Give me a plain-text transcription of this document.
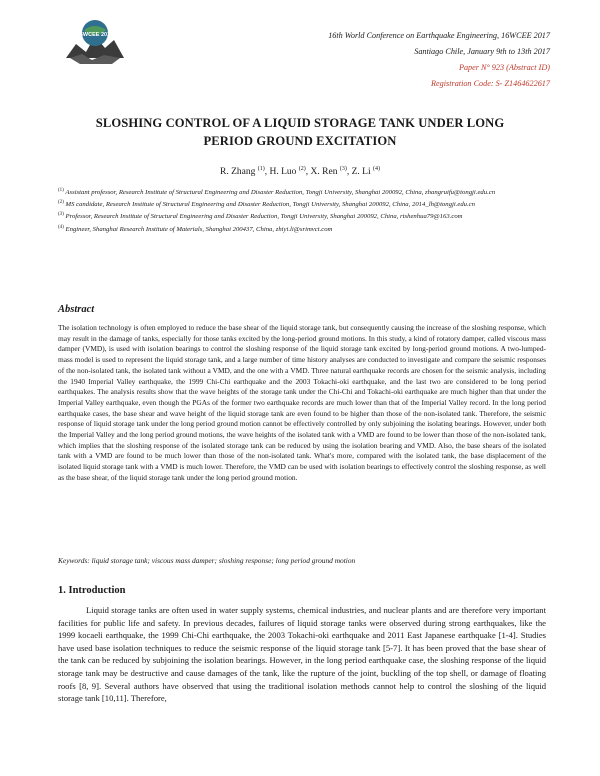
16WCEE 2017	16th World Conference on Earthquake Engineering, 16WCEE 2017
Santiago Chile, January 9th to 13th 2017
Paper N° 923 (Abstract ID)
Registration Code: S- Z1464622617
SLOSHING CONTROL OF A LIQUID STORAGE TANK UNDER LONG
PERIOD GROUND EXCITATION
R. Zhang $^{(1)}$, H. Luo $^{(2)}$, X. Ren $^{(3)}$, Z. Li $^{(4)}$

$^{(1)}$ Assistant professor, Research Institute of Structural Engineering and Disaster Reduction, Tongji University, Shanghai 200092, China, zhangruifu@tongji.edu.cn

$^{(2)}$ MS candidate, Research Institute of Structural Engineering and Disaster Reduction, Tongji University, Shanghai 200092, China, 2014_lh@tongji.edu.cn

$^{(3)}$ Professor, Research Institute of Structural Engineering and Disaster Reduction, Tongji University, Shanghai 200092, China, rtshenhua79@163.com

$^{(4)}$ Engineer, Shanghai Research Institute of Materials, Shanghai 200437, China, zhiyi.li@srimvct.com

Abstract

The isolation technology is often employed to reduce the base shear of the liquid storage tank, but consequently causing the increase of the sloshing response, which may result in the damage of tanks, especially for those tanks excited by the long-period ground motions. In this study, a kind of rotatory damper, called viscous mass damper (VMD), is used with isolation bearings to control the sloshing response of the liquid storage tank excited by long-period ground motions. A two-lumped-mass model is used to represent the liquid storage tank, and a large number of time history analyses are conducted to investigate and compare the seismic responses of the non-isolated tank, the isolated tank without a VMD, and the one with a VMD. Three natural earthquake records are chosen for the seismic analysis, including the 1940 Imperial Valley earthquake, the 1999 Chi-Chi earthquake and the 2003 Tokachi-oki earthquake, and the last two are considered to be long period earthquakes. The analysis results show that the wave heights of the storage tank under the Chi-Chi and Tokachi-oki earthquake are much higher than that under the Imperial Valley earthquake, even though the PGAs of the former two earthquake records are much lower than that of the Imperial Valley record. In the long period earthquake cases, the base shear and wave height of the liquid storage tank are even found to be higher than those of the non-isolated tank. Therefore, the seismic response of liquid storage tank under the long period ground motion cannot be effectively controlled by only subjoining the isolating bearings. However, under both the Imperial Valley and the long period ground motions, the wave heights of the isolated tank with a VMD are found to be lower than those of the non-isolated tank, which implies that the sloshing response of the isolated storage tank can be reduced by using the isolation bearing and VMD. Also, the base shears of the isolated tank with a VMD are found to be much lower than those of the non-isolated tank. What's more, compared with the isolated tank, the base displacement of the isolated liquid storage tank with a VMD is much lower. Therefore, the VMD can be used with isolation bearings to effectively control the sloshing response, as well as the base shear, of the liquid storage tank under the long period ground motion.

Keywords: liquid storage tank; viscous mass damper; sloshing response; long period ground motion
1. Introduction

Liquid storage tanks are often used in water supply systems, chemical industries, and nuclear plants and are therefore very important facilities for public life and safety. In previous decades, failures of liquid storage tanks were observed during strong earthquakes, like the 1999 kocaeli earthquake, the 1999 Chi-Chi earthquake, the 2003 Tokachi-oki earthquake and 2011 East Japanese earthquake [1-4]. Studies have used base isolation techniques to reduce the seismic response of the liquid storage tank [5-7]. It has been proved that the base shear of the tank can be reduced by subjoining the isolation bearings. However, in the long period earthquake case, the sloshing response of the liquid storage tank may be destructive and cause damages of the tank, like the rupture of the joint, buckling of the top shell, or damage of floating roofs [8, 9]. Several authors have observed that using the traditional isolation methods cannot help to control the sloshing of the liquid storage tank [10,11]. Therefore,
